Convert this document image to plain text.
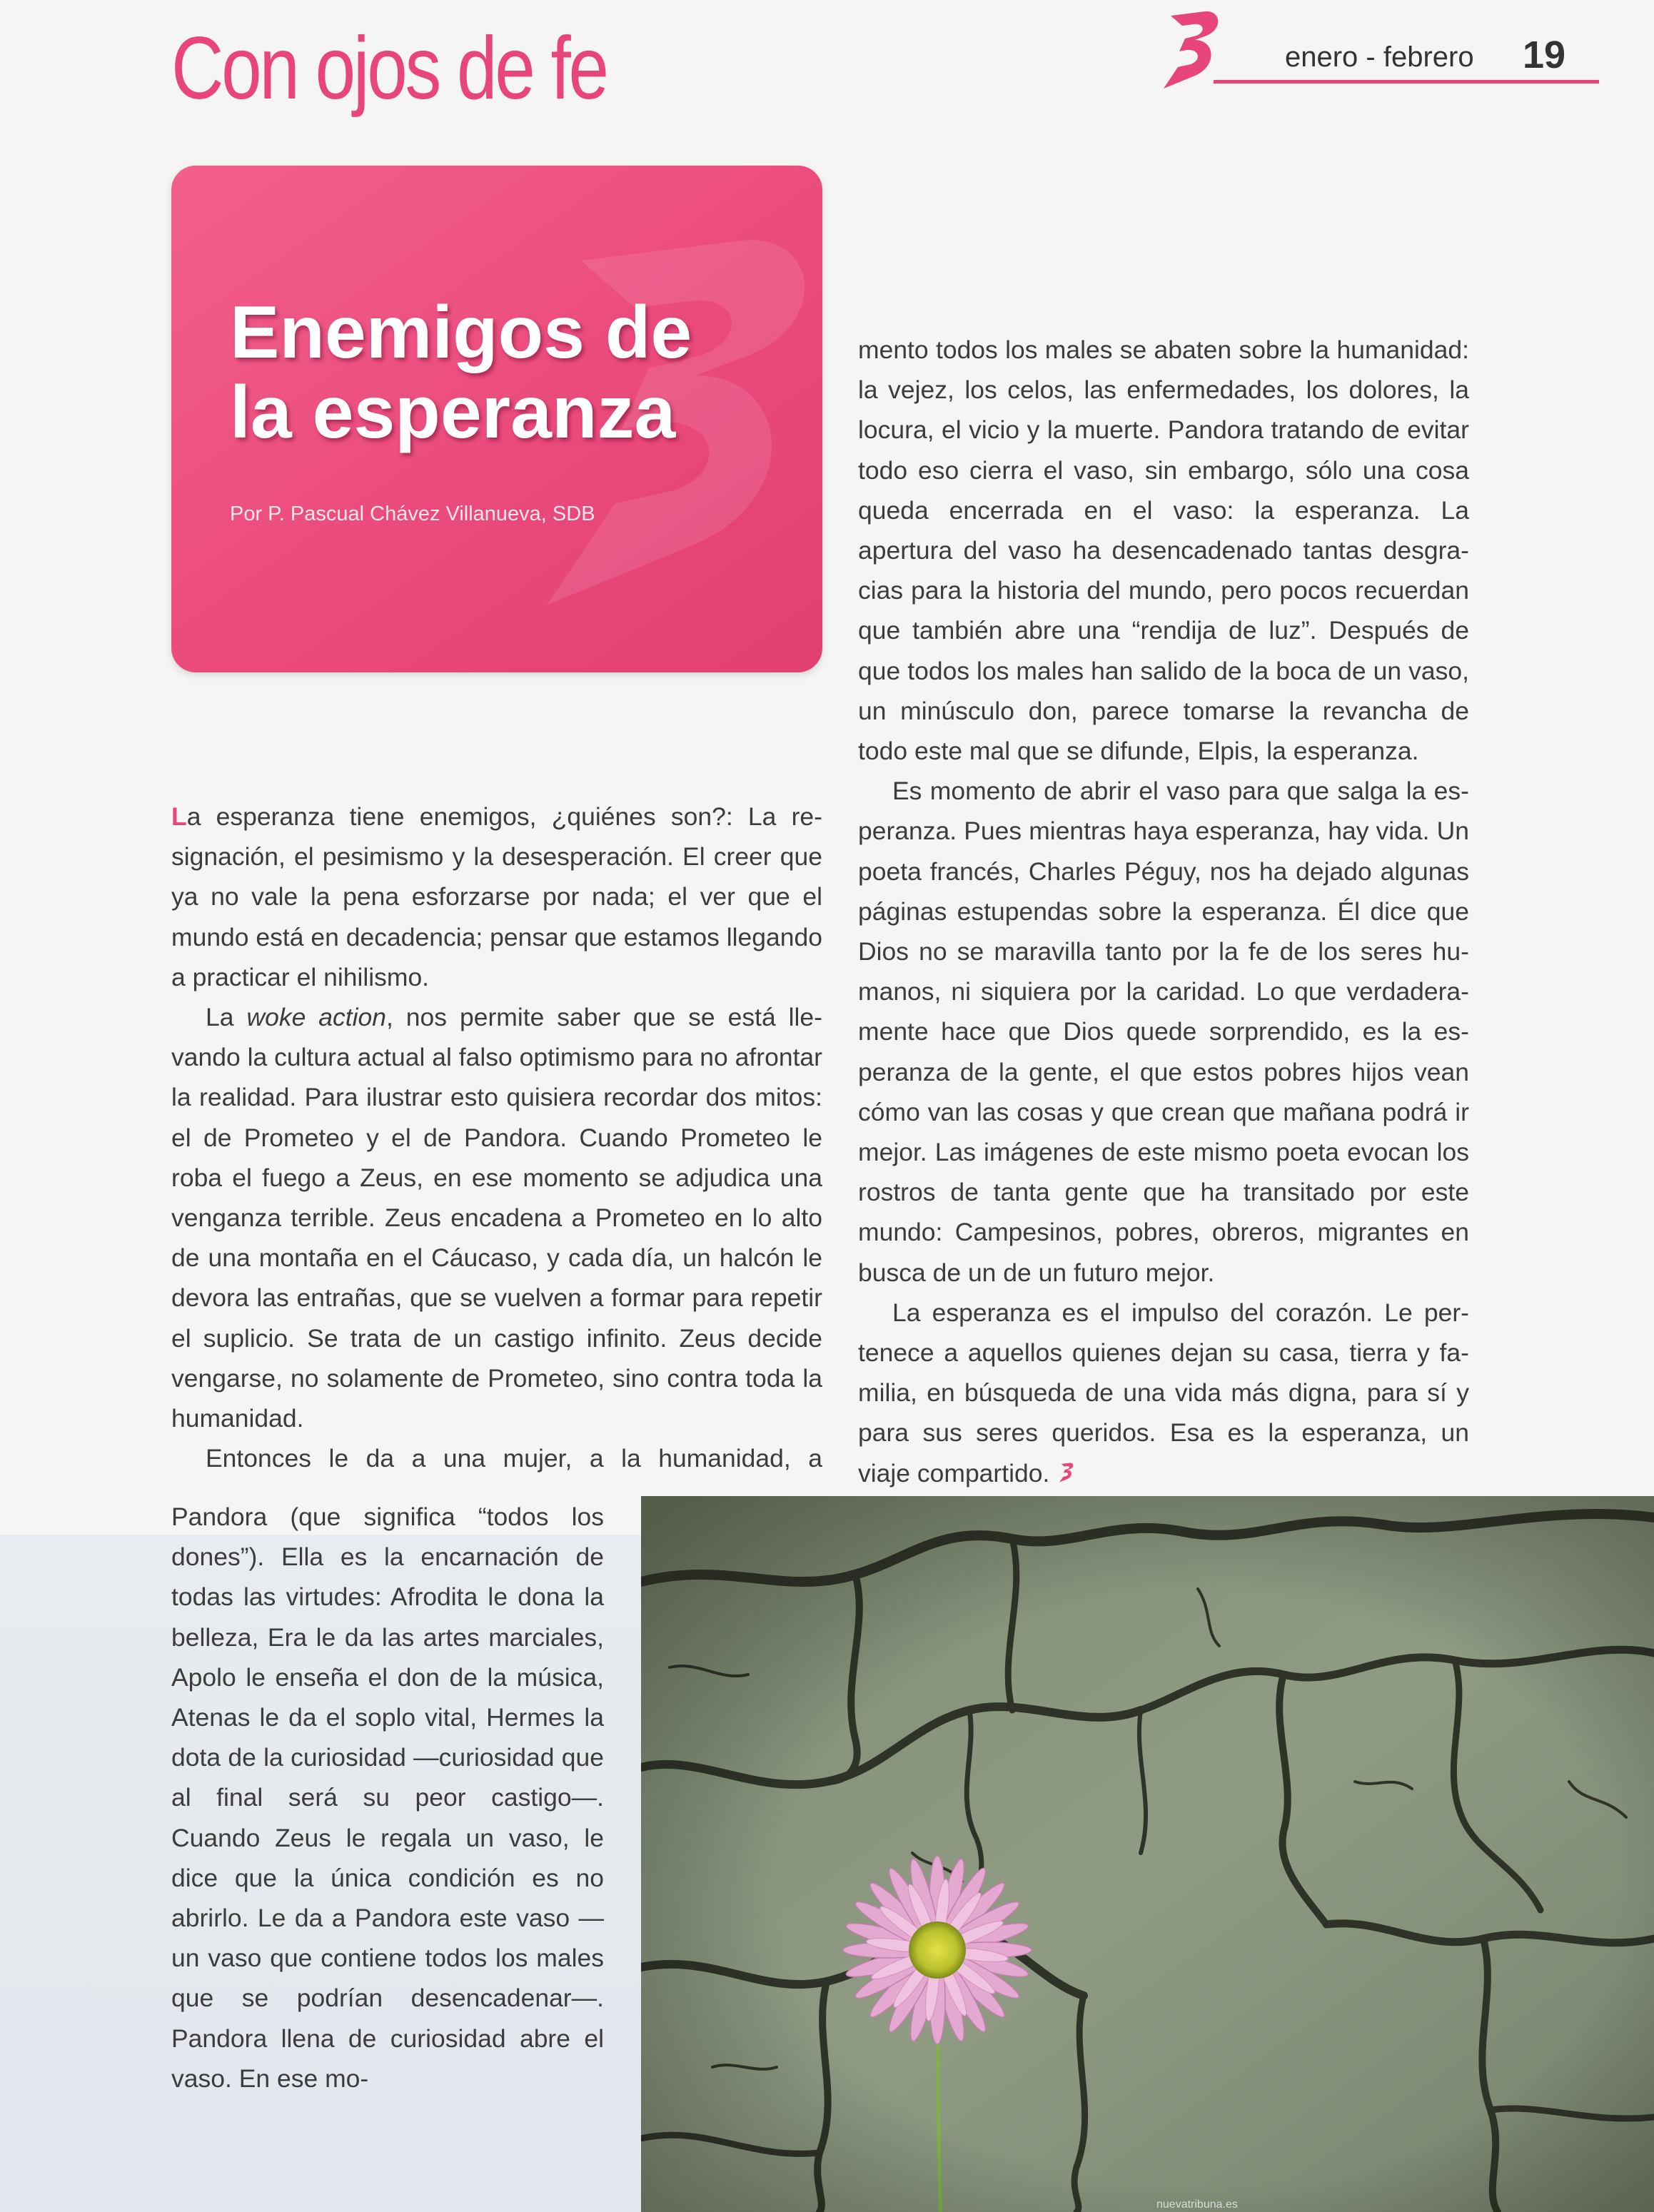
Con ojos de fe	enero - febrero 19
Enemigos de
la esperanza
Por P. Pascual Chávez Villanueva, SDB

La esperanza tiene enemigos, ¿quiénes son?: La resignación, el pesimismo y la desesperación. El creer que ya no vale la pena esforzarse por nada; el ver que el mundo está en decadencia; pensar que estamos llegando a practicar el nihilismo.

La woke action, nos permite saber que se está llevando la cultura actual al falso optimismo para no afrontar la realidad. Para ilustrar esto quisiera recordar dos mitos: el de Prometeo y el de Pandora. Cuando Prometeo le roba el fuego a Zeus, en ese momento se adjudica una venganza terrible. Zeus encadena a Prometeo en lo alto de una montaña en el Cáucaso, y cada día, un halcón le devora las entrañas, que se vuelven a formar para repetir el suplicio. Se trata de un castigo infinito. Zeus decide vengarse, no solamente de Prometeo, sino contra toda la humanidad.

Entonces le da a una mujer, a la humanidad, a

Pandora (que significa “todos los dones”). Ella es la encarnación de todas las virtudes: Afrodita le dona la belleza, Era le da las artes marciales, Apolo le enseña el don de la música, Atenas le da el soplo vital, Hermes la dota de la curiosidad —curiosidad que al final será su peor castigo—. Cuando Zeus le regala un vaso, le dice que la única condición es no abrirlo. Le da a Pandora este vaso —un vaso que contiene todos los males que se podrían desencadenar—. Pandora llena de curiosidad abre el vaso. En ese mo-

mento todos los males se abaten sobre la humanidad: la vejez, los celos, las enfermedades, los dolores, la locura, el vicio y la muerte. Pandora tratando de evitar todo eso cierra el vaso, sin embargo, sólo una cosa queda encerrada en el vaso: la esperanza. La apertura del vaso ha desencadenado tantas desgracias para la historia del mundo, pero pocos recuerdan que también abre una “rendija de luz”. Después de que todos los males han salido de la boca de un vaso, un minúsculo don, parece tomarse la revancha de todo este mal que se difunde, Elpis, la esperanza.

Es momento de abrir el vaso para que salga la esperanza. Pues mientras haya esperanza, hay vida. Un poeta francés, Charles Péguy, nos ha dejado algunas páginas estupendas sobre la esperanza. Él dice que Dios no se maravilla tanto por la fe de los seres humanos, ni siquiera por la caridad. Lo que verdaderamente hace que Dios quede sorprendido, es la esperanza de la gente, el que estos pobres hijos vean cómo van las cosas y que crean que mañana podrá ir mejor. Las imágenes de este mismo poeta evocan los rostros de tanta gente que ha transitado por este mundo: Campesinos, pobres, obreros, migrantes en busca de un de un futuro mejor.

La esperanza es el impulso del corazón. Le pertenece a aquellos quienes dejan su casa, tierra y familia, en búsqueda de una vida más digna, para sí y para sus seres queridos. Esa es la esperanza, un viaje compartido.

nuevatribuna.es
